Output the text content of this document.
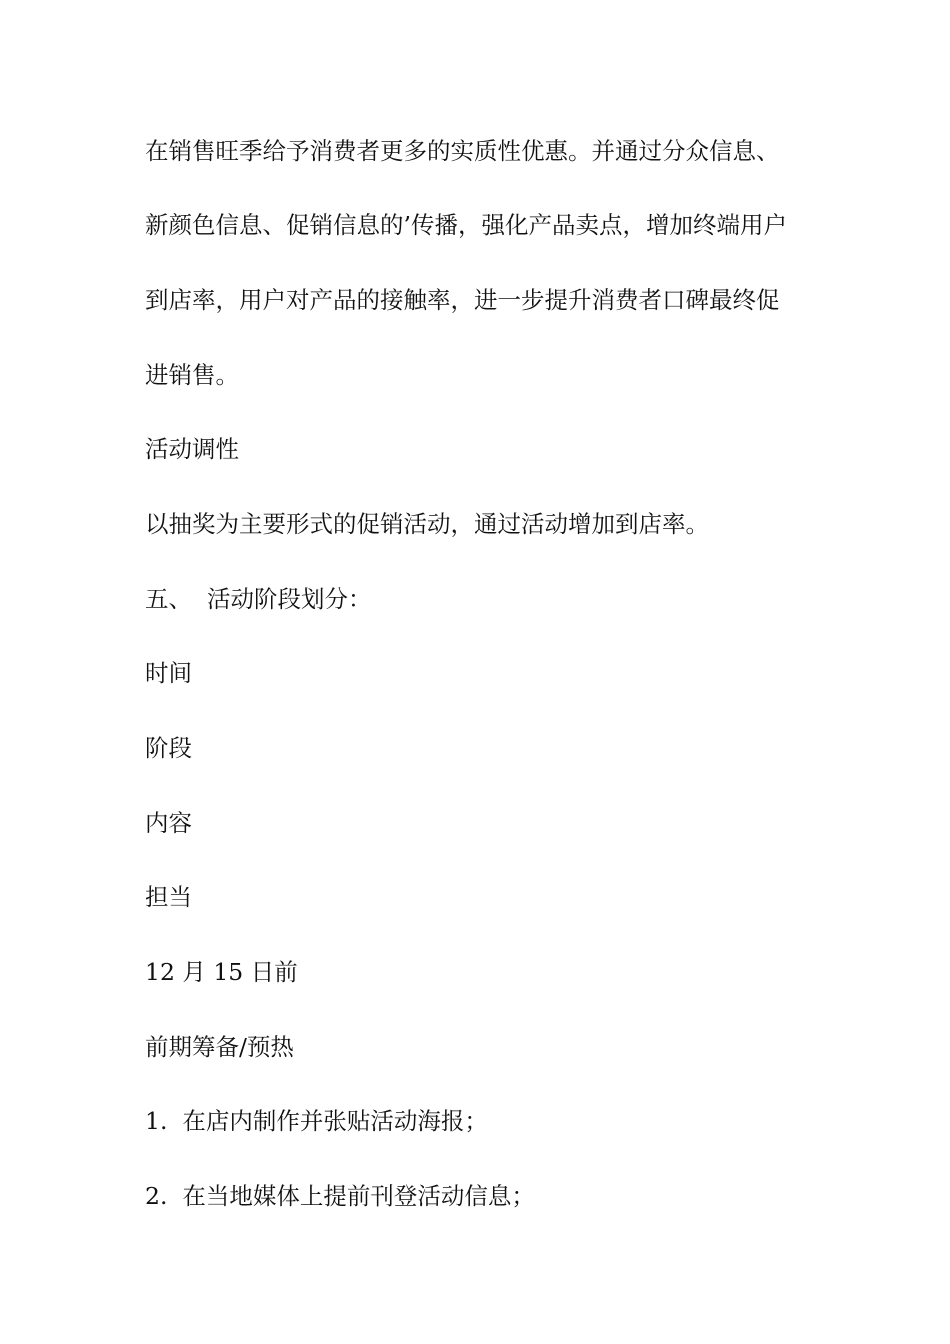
在销售旺季给予消费者更多的实质性优惠。并通过分众信息、
新颜色信息、促销信息的’传播，强化产品卖点，增加终端用户
到店率，用户对产品的接触率，进一步提升消费者口碑最终促
进销售。
活动调性
以抽奖为主要形式的促销活动，通过活动增加到店率。
五、  活动阶段划分：
时间
阶段
内容
担当
12 月 15 日前
前期筹备/预热
1.  在店内制作并张贴活动海报；
2.  在当地媒体上提前刊登活动信息；
